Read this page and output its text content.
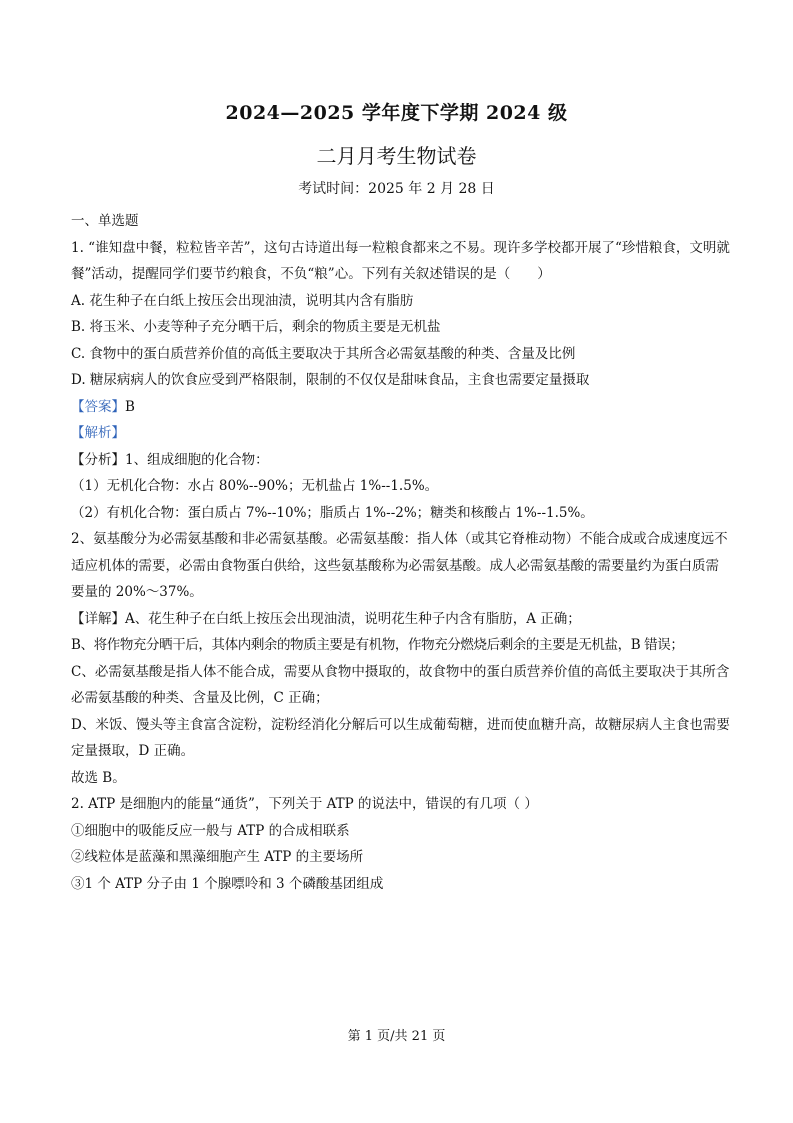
2024—2025 学年度下学期 2024 级
二月月考生物试卷
考试时间：2025 年 2 月 28 日
一、单选题
1. “谁知盘中餐，粒粒皆辛苦”，这句古诗道出每一粒粮食都来之不易。现许多学校都开展了“珍惜粮食，文明就餐”活动，提醒同学们要节约粮食，不负“粮”心。下列有关叙述错误的是（　　）
A. 花生种子在白纸上按压会出现油渍，说明其内含有脂肪
B. 将玉米、小麦等种子充分晒干后，剩余的物质主要是无机盐
C. 食物中的蛋白质营养价值的高低主要取决于其所含必需氨基酸的种类、含量及比例
D. 糖尿病病人的饮食应受到严格限制，限制的不仅仅是甜味食品，主食也需要定量摄取
【答案】B
【解析】
【分析】1、组成细胞的化合物：
（1）无机化合物：水占 80%--90%；无机盐占 1%--1.5%。
（2）有机化合物：蛋白质占 7%--10%；脂质占 1%--2%；糖类和核酸占 1%--1.5%。
2、氨基酸分为必需氨基酸和非必需氨基酸。必需氨基酸：指人体（或其它脊椎动物）不能合成或合成速度远不适应机体的需要，必需由食物蛋白供给，这些氨基酸称为必需氨基酸。成人必需氨基酸的需要量约为蛋白质需要量的 20%～37%。
【详解】A、花生种子在白纸上按压会出现油渍，说明花生种子内含有脂肪，A 正确；
B、将作物充分晒干后，其体内剩余的物质主要是有机物，作物充分燃烧后剩余的主要是无机盐，B 错误；
C、必需氨基酸是指人体不能合成，需要从食物中摄取的，故食物中的蛋白质营养价值的高低主要取决于其所含必需氨基酸的种类、含量及比例，C 正确；
D、米饭、馒头等主食富含淀粉，淀粉经消化分解后可以生成葡萄糖，进而使血糖升高，故糖尿病人主食也需要定量摄取，D 正确。
故选 B。
2. ATP 是细胞内的能量“通货”，下列关于 ATP 的说法中，错误的有几项（ ）
①细胞中的吸能反应一般与 ATP 的合成相联系
②线粒体是蓝藻和黑藻细胞产生 ATP 的主要场所
③1 个 ATP 分子由 1 个腺嘌呤和 3 个磷酸基团组成
第 1 页/共 21 页
